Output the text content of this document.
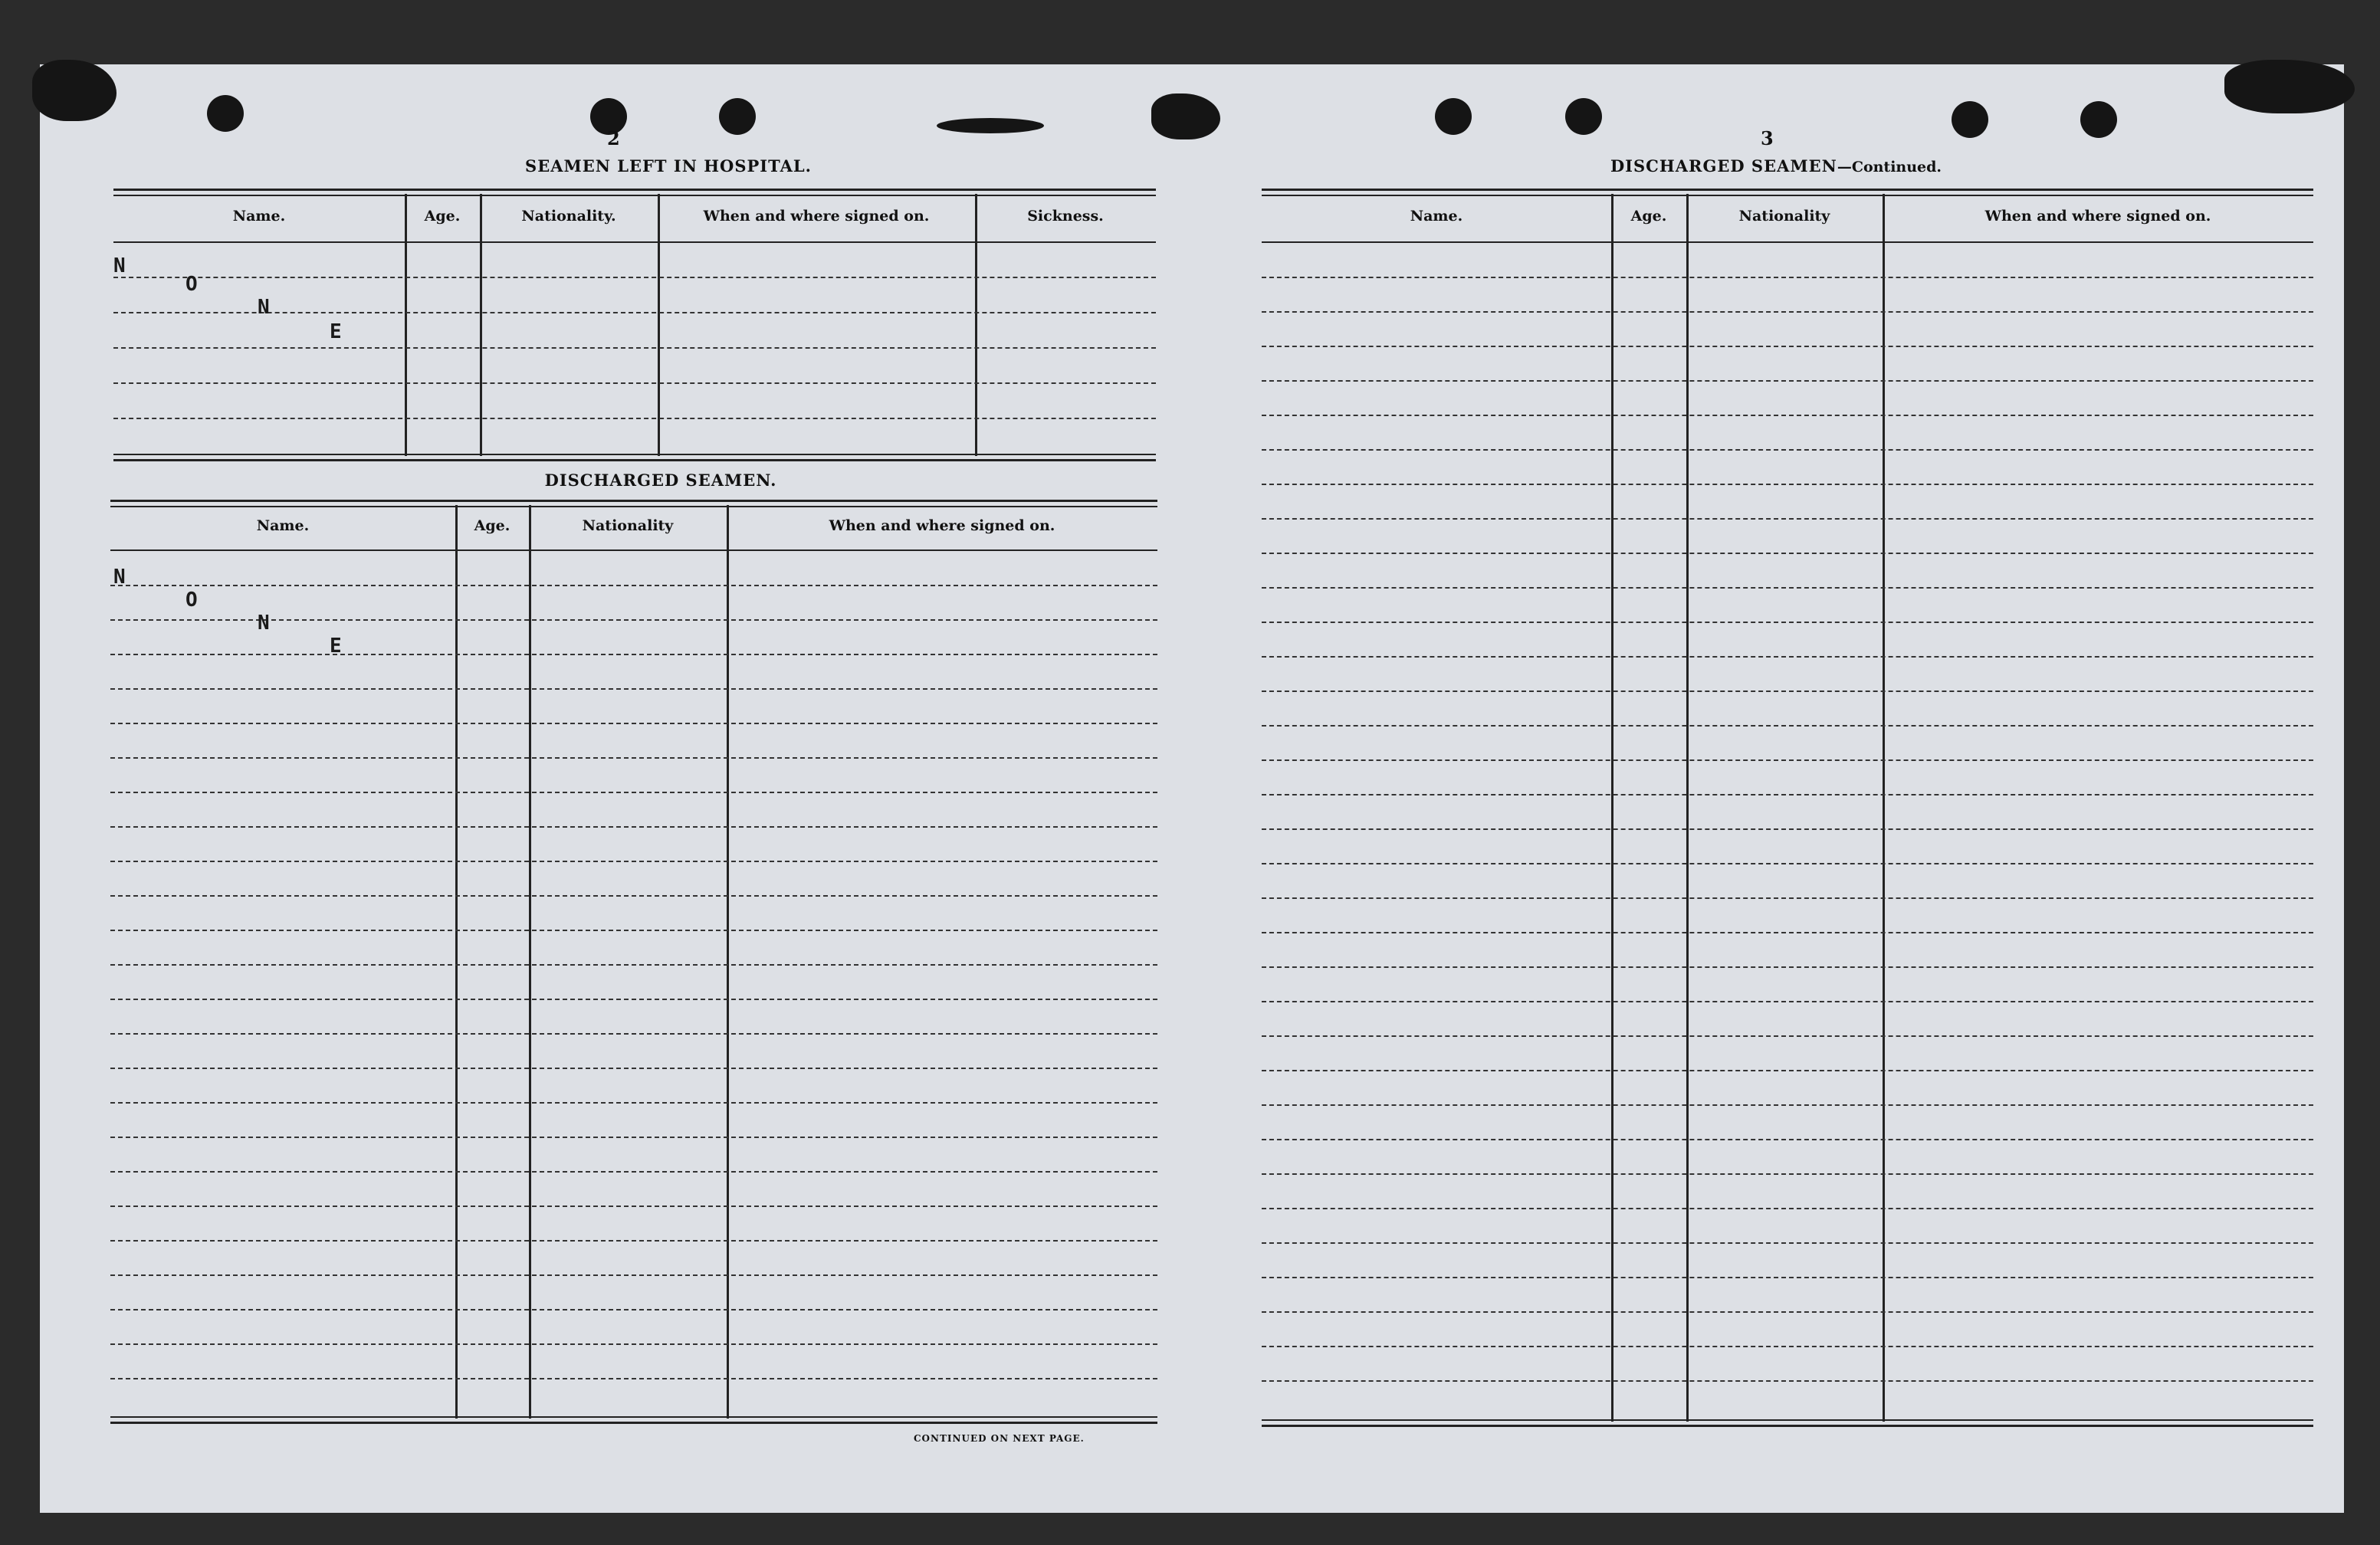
2
SEAMEN LEFT IN HOSPITAL.
Name.	Age.	Nationality.	When and where signed on.	Sickness.
N
O
N
E
DISCHARGED SEAMEN.
Name.	Age.	Nationality	When and where signed on.
N
O
N
E
CONTINUED ON NEXT PAGE.
3
DISCHARGED SEAMEN—Continued.
Name.	Age.	Nationality	When and where signed on.
